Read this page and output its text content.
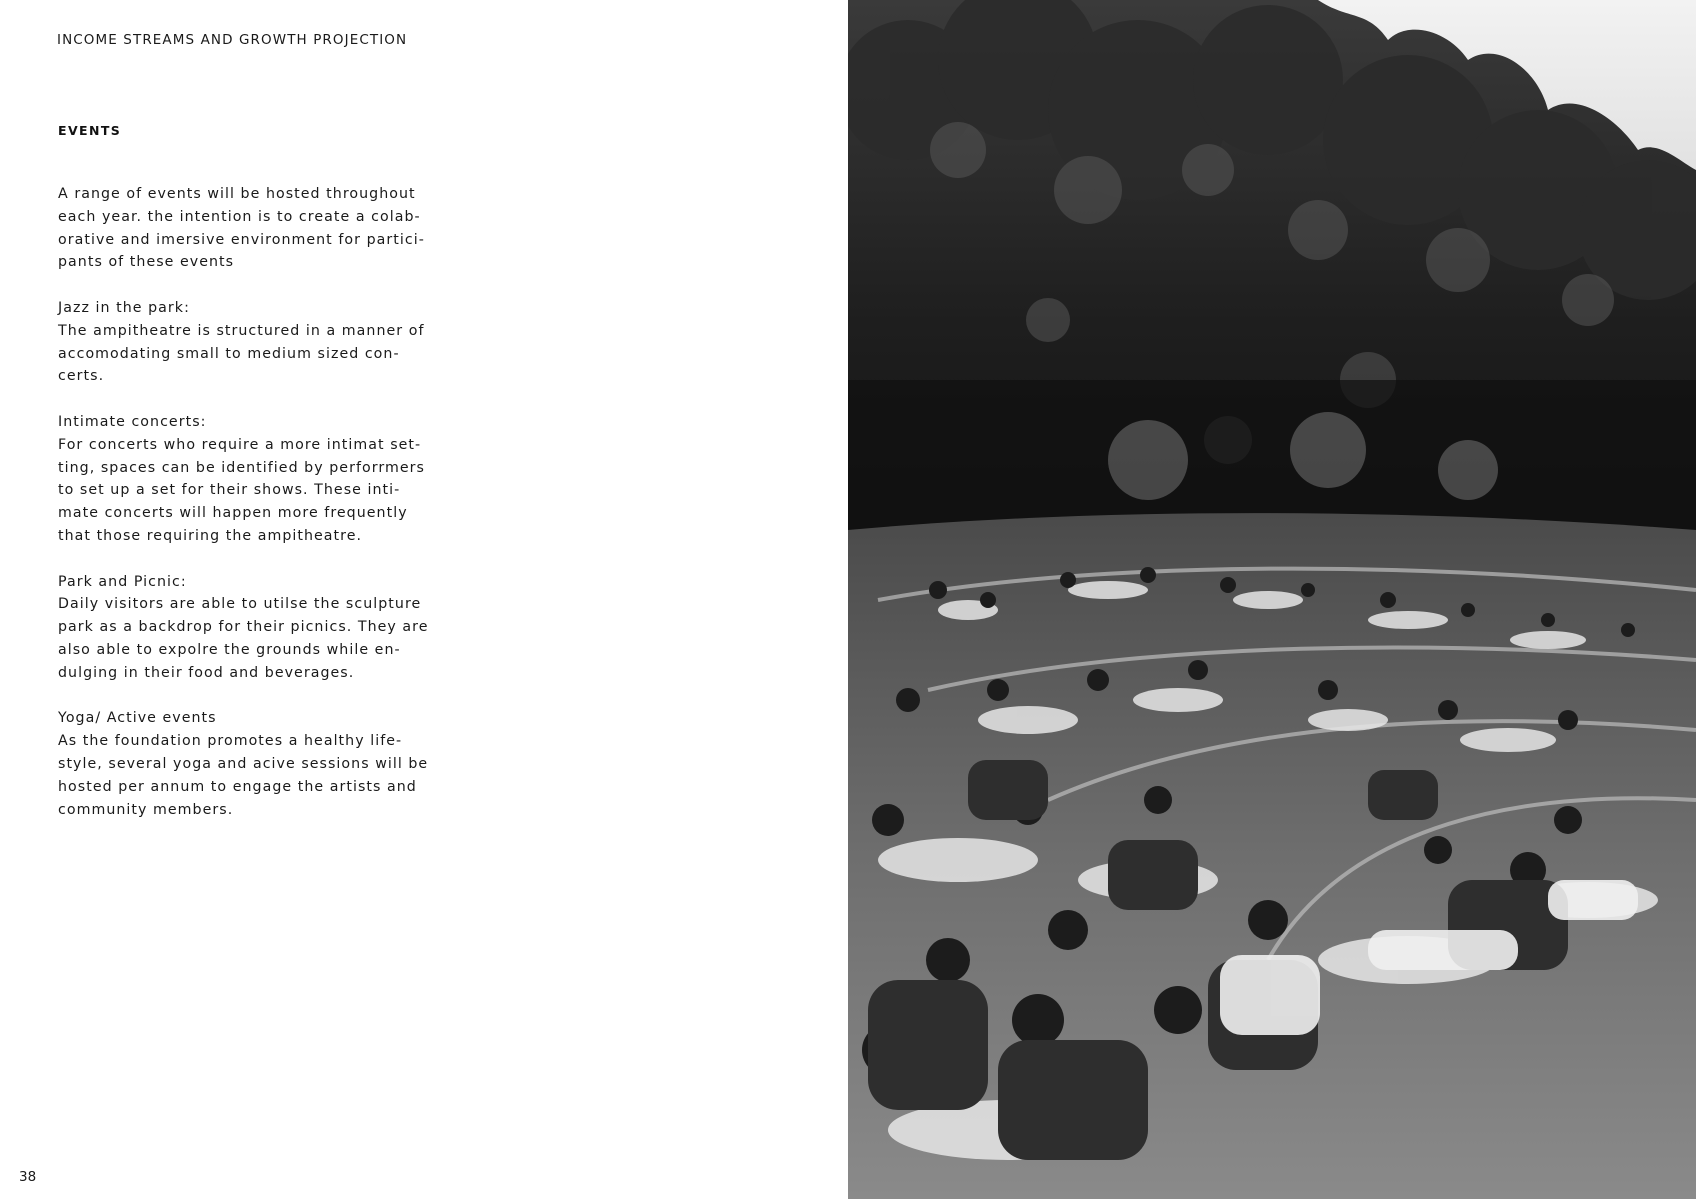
INCOME STREAMS AND GROWTH PROJECTION
EVENTS

A range of events will be hosted throughout
each year. the intention is to create a colab-
orative and imersive environment for partici-
pants of these events

Jazz in the park:
The ampitheatre is structured in a manner of
accomodating small to medium sized con-
certs.

Intimate concerts:
For concerts who require a more intimat set-
ting, spaces can be identified by perforrmers
to set up a set for their shows. These inti-
mate concerts will happen more frequently
that those requiring the ampitheatre.

Park and Picnic:
Daily visitors are able to utilse the sculpture
park as a backdrop for their picnics. They are
also able to expolre the grounds while en-
dulging in their food and beverages.

Yoga/ Active events
As the foundation promotes a healthy life-
style, several yoga and acive sessions will be
hosted per annum to engage the artists and
community members.

38
